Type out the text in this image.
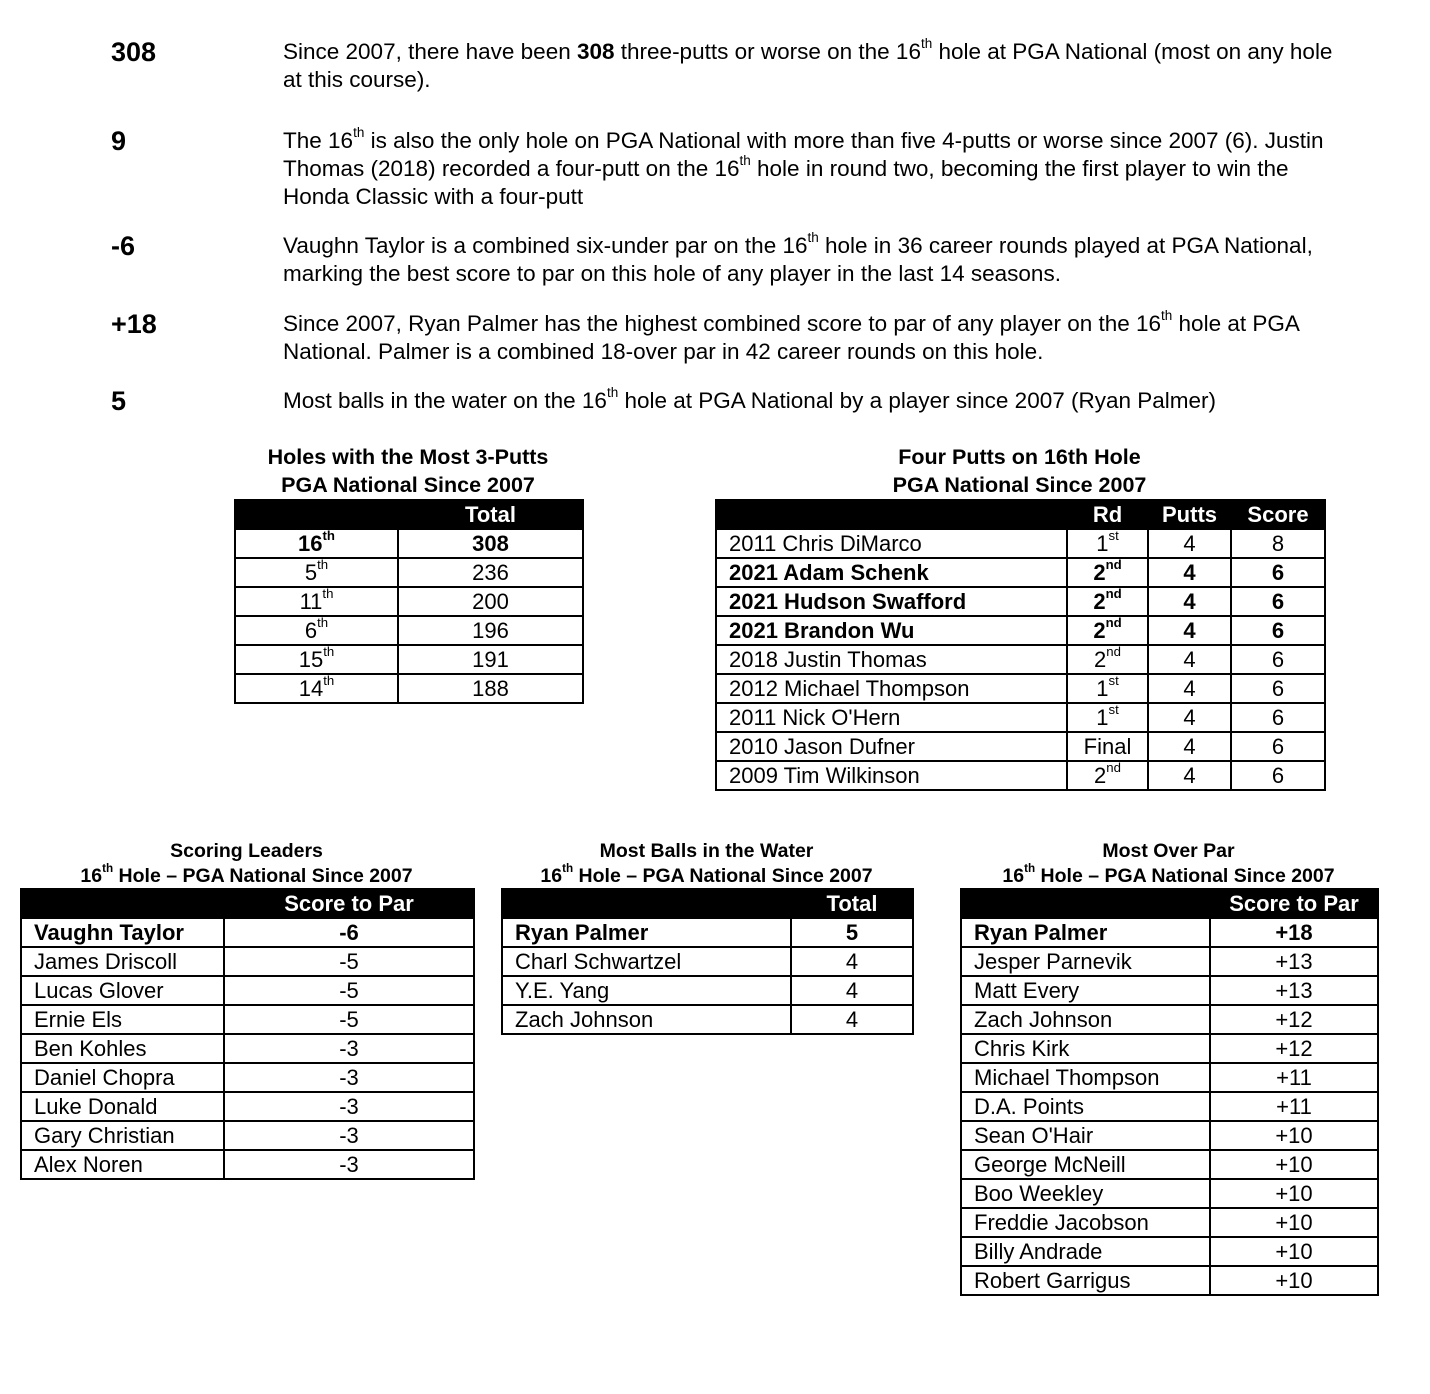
308	Since 2007, there have been 308 three-putts or worse on the 16th hole at PGA National (most on any hole at this course).

9	The 16th is also the only hole on PGA National with more than five 4-putts or worse since 2007 (6). Justin Thomas (2018) recorded a four-putt on the 16th hole in round two, becoming the first player to win the Honda Classic with a four-putt

-6	Vaughn Taylor is a combined six-under par on the 16th hole in 36 career rounds played at PGA National, marking the best score to par on this hole of any player in the last 14 seasons.

+18	Since 2007, Ryan Palmer has the highest combined score to par of any player on the 16th hole at PGA National. Palmer is a combined 18-over par in 42 career rounds on this hole.

5	Most balls in the water on the 16th hole at PGA National by a player since 2007 (Ryan Palmer)

Holes with the Most 3-Putts
PGA National Since 2007
	Total
16th	308
5th	236
11th	200
6th	196
15th	191
14th	188
Four Putts on 16th Hole
PGA National Since 2007
	Rd	Putts	Score
2011 Chris DiMarco	1st	4	8
2021 Adam Schenk	2nd	4	6
2021 Hudson Swafford	2nd	4	6
2021 Brandon Wu	2nd	4	6
2018 Justin Thomas	2nd	4	6
2012 Michael Thompson	1st	4	6
2011 Nick O'Hern	1st	4	6
2010 Jason Dufner	Final	4	6
2009 Tim Wilkinson	2nd	4	6
Scoring Leaders
16th Hole – PGA National Since 2007
	Score to Par
Vaughn Taylor	-6
James Driscoll	-5
Lucas Glover	-5
Ernie Els	-5
Ben Kohles	-3
Daniel Chopra	-3
Luke Donald	-3
Gary Christian	-3
Alex Noren	-3
Most Balls in the Water
16th Hole – PGA National Since 2007
	Total
Ryan Palmer	5
Charl Schwartzel	4
Y.E. Yang	4
Zach Johnson	4
Most Over Par
16th Hole – PGA National Since 2007
	Score to Par
Ryan Palmer	+18
Jesper Parnevik	+13
Matt Every	+13
Zach Johnson	+12
Chris Kirk	+12
Michael Thompson	+11
D.A. Points	+11
Sean O'Hair	+10
George McNeill	+10
Boo Weekley	+10
Freddie Jacobson	+10
Billy Andrade	+10
Robert Garrigus	+10
